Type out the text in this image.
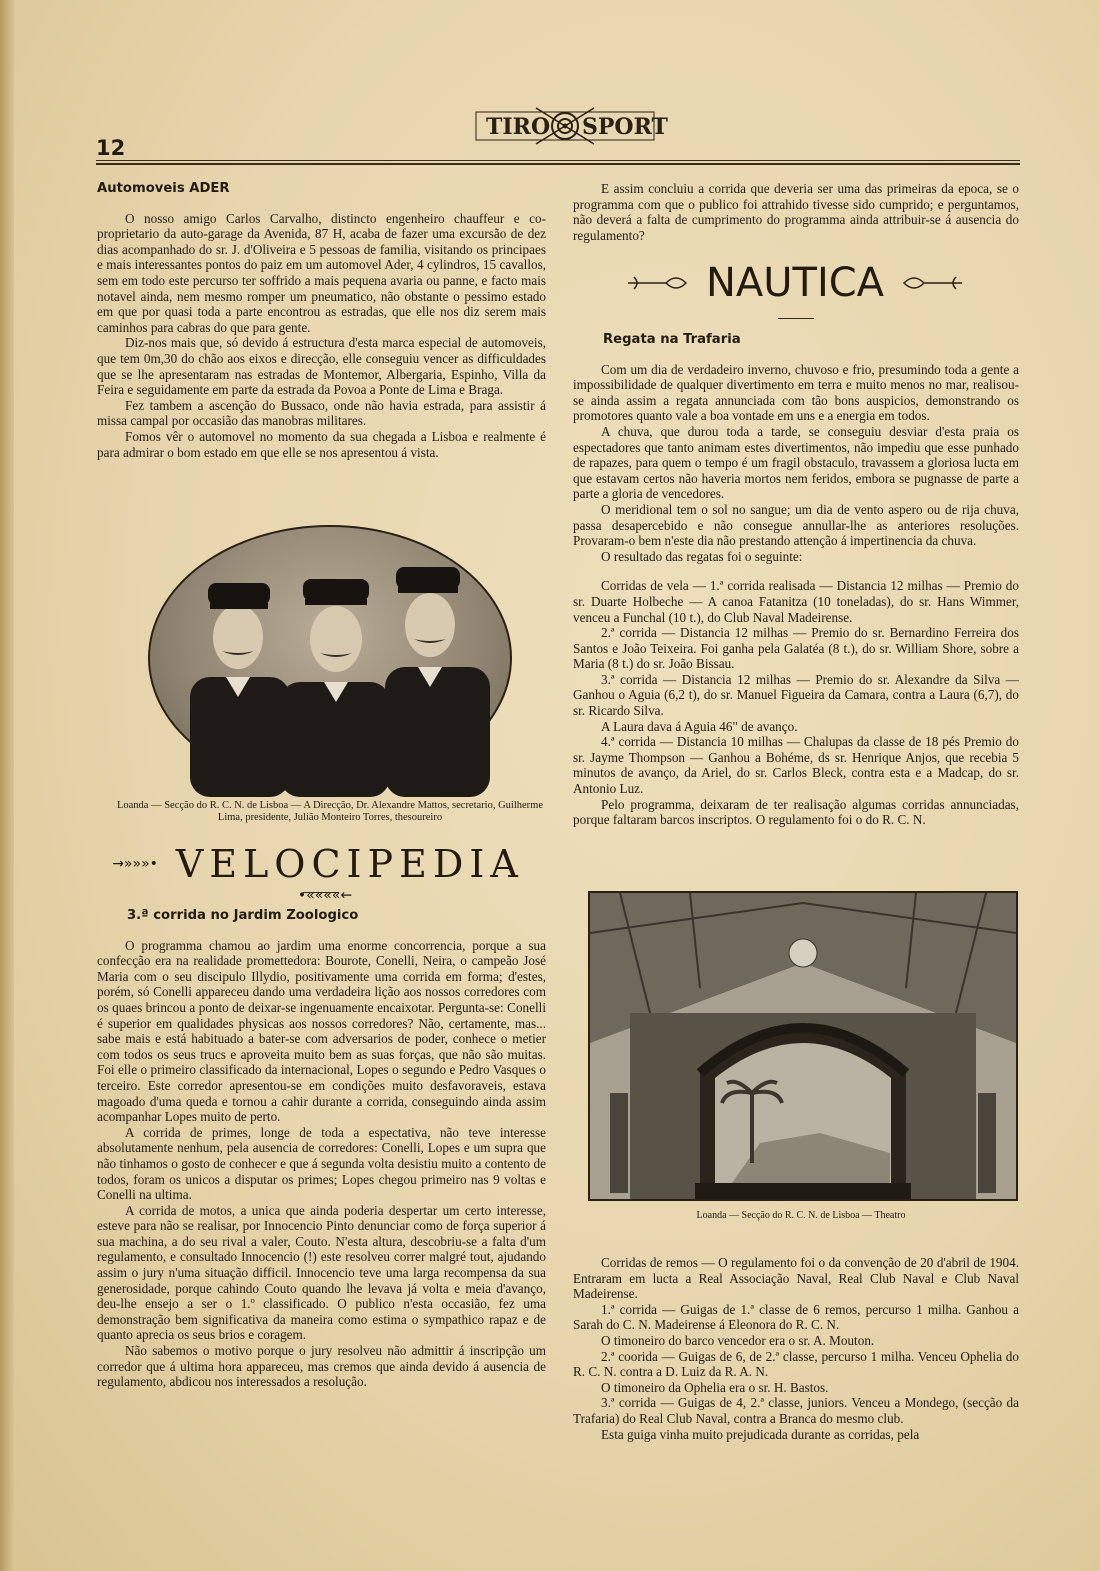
12
TIRO SPORT

Automoveis ADER

O nosso amigo Carlos Carvalho, distincto engenheiro chauffeur e co-proprietario da auto-garage da Avenida, 87 H, acaba de fazer uma excursão de dez dias acompanhado do sr. J. d'Oliveira e 5 pessoas de familia, visitando os principaes e mais interessantes pontos do paiz em um automovel Ader, 4 cylindros, 15 cavallos, sem em todo este percurso ter soffrido a mais pequena avaria ou panne, e facto mais notavel ainda, nem mesmo romper um pneumatico, não obstante o pessimo estado em que por quasi toda a parte encontrou as estradas, que elle nos diz serem mais caminhos para cabras do que para gente.

Diz-nos mais que, só devido á estructura d'esta marca especial de automoveis, que tem 0m,30 do chão aos eixos e direcção, elle conseguiu vencer as difficuldades que se lhe apresentaram nas estradas de Montemor, Albergaria, Espinho, Villa da Feira e seguidamente em parte da estrada da Povoa a Ponte de Lima e Braga.

Fez tambem a ascenção do Bussaco, onde não havia estrada, para assistir á missa campal por occasião das manobras militares.

Fomos vêr o automovel no momento da sua chegada a Lisboa e realmente é para admirar o bom estado em que elle se nos apresentou á vista.

Loanda — Secção do R. C. N. de Lisboa — A Direcção, Dr. Alexandre Mattos, secretario, Guilherme Lima, presidente, Julião Monteiro Torres, thesoureiro
→»»»• VELOCIPEDIA •««««←

3.ª corrida no Jardim Zoologico

O programma chamou ao jardim uma enorme concorrencia, porque a sua confecção era na realidade promettedora: Bourote, Conelli, Neira, o campeão José Maria com o seu discipulo Illydio, positivamente uma corrida em forma; d'estes, porém, só Conelli appareceu dando uma verdadeira lição aos nossos corredores com os quaes brincou a ponto de deixar-se ingenuamente encaixotar. Pergunta-se: Conelli é superior em qualidades physicas aos nossos corredores? Não, certamente, mas... sabe mais e está habituado a bater-se com adversarios de poder, conhece o metier com todos os seus trucs e aproveita muito bem as suas forças, que não são muitas. Foi elle o primeiro classificado da internacional, Lopes o segundo e Pedro Vasques o terceiro. Este corredor apresentou-se em condições muito desfavoraveis, estava magoado d'uma queda e tornou a cahir durante a corrida, conseguindo ainda assim acompanhar Lopes muito de perto.

A corrida de primes, longe de toda a espectativa, não teve interesse absolutamente nenhum, pela ausencia de corredores: Conelli, Lopes e um supra que não tinhamos o gosto de conhecer e que á segunda volta desistiu muito a contento de todos, foram os unicos a disputar os primes; Lopes chegou primeiro nas 9 voltas e Conelli na ultima.

A corrida de motos, a unica que ainda poderia despertar um certo interesse, esteve para não se realisar, por Innocencio Pinto denunciar como de força superior á sua machina, a do seu rival a valer, Couto. N'esta altura, descobriu-se a falta d'um regulamento, e consultado Innocencio (!) este resolveu correr malgré tout, ajudando assim o jury n'uma situação difficil. Innocencio teve uma larga recompensa da sua generosidade, porque cahindo Couto quando lhe levava já volta e meia d'avanço, deu-lhe ensejo a ser o 1.º classificado. O publico n'esta occasião, fez uma demonstração bem significativa da maneira como estima o sympathico rapaz e de quanto aprecia os seus brios e coragem.

Não sabemos o motivo porque o jury resolveu não admittir á inscripção um corredor que á ultima hora appareceu, mas cremos que ainda devido á ausencia de regulamento, abdicou nos interessados a resolução.

E assim concluiu a corrida que deveria ser uma das primeiras da epoca, se o programma com que o publico foi attrahido tivesse sido cumprido; e perguntamos, não deverá a falta de cumprimento do programma ainda attribuir-se á ausencia do regulamento?

NAUTICA

Regata na Trafaria

Com um dia de verdadeiro inverno, chuvoso e frio, presumindo toda a gente a impossibilidade de qualquer divertimento em terra e muito menos no mar, realisou-se ainda assim a regata annunciada com tão bons auspicios, demonstrando os promotores quanto vale a boa vontade em uns e a energia em todos.

A chuva, que durou toda a tarde, se conseguiu desviar d'esta praia os espectadores que tanto animam estes divertimentos, não impediu que esse punhado de rapazes, para quem o tempo é um fragil obstaculo, travassem a gloriosa lucta em que estavam certos não haveria mortos nem feridos, embora se pugnasse de parte a parte a gloria de vencedores.

O meridional tem o sol no sangue; um dia de vento aspero ou de rija chuva, passa desapercebido e não consegue annullar-lhe as anteriores resoluções. Provaram-o bem n'este dia não prestando attenção á impertinencia da chuva.

O resultado das regatas foi o seguinte:

Corridas de vela — 1.ª corrida realisada — Distancia 12 milhas — Premio do sr. Duarte Holbeche — A canoa Fatanitza (10 toneladas), do sr. Hans Wimmer, venceu a Funchal (10 t.), do Club Naval Madeirense.

2.ª corrida — Distancia 12 milhas — Premio do sr. Bernardino Ferreira dos Santos e João Teixeira. Foi ganha pela Galatéa (8 t.), do sr. William Shore, sobre a Maria (8 t.) do sr. João Bissau.

3.ª corrida — Distancia 12 milhas — Premio do sr. Alexandre da Silva — Ganhou o Aguia (6,2 t), do sr. Manuel Figueira da Camara, contra a Laura (6,7), do sr. Ricardo Silva.

A Laura dava á Aguia 46" de avanço.

4.ª corrida — Distancia 10 milhas — Chalupas da classe de 18 pés Premio do sr. Jayme Thompson — Ganhou a Bohéme, ds sr. Henrique Anjos, que recebia 5 minutos de avanço, da Ariel, do sr. Carlos Bleck, contra esta e a Madcap, do sr. Antonio Luz.

Pelo programma, deixaram de ter realisação algumas corridas annunciadas, porque faltaram barcos inscriptos. O regulamento foi o do R. C. N.

Loanda — Secção do R. C. N. de Lisboa — Theatro

Corridas de remos — O regulamento foi o da convenção de 20 d'abril de 1904. Entraram em lucta a Real Associação Naval, Real Club Naval e Club Naval Madeirense.

1.ª corrida — Guigas de 1.ª classe de 6 remos, percurso 1 milha. Ganhou a Sarah do C. N. Madeirense á Eleonora do R. C. N.

O timoneiro do barco vencedor era o sr. A. Mouton.

2.ª coorida — Guigas de 6, de 2.ª classe, percurso 1 milha. Venceu Ophelia do R. C. N. contra a D. Luiz da R. A. N.

O timoneiro da Ophelia era o sr. H. Bastos.

3.ª corrida — Guigas de 4, 2.ª classe, juniors. Venceu a Mondego, (secção da Trafaria) do Real Club Naval, contra a Branca do mesmo club.

Esta guiga vinha muito prejudicada durante as corridas, pela
